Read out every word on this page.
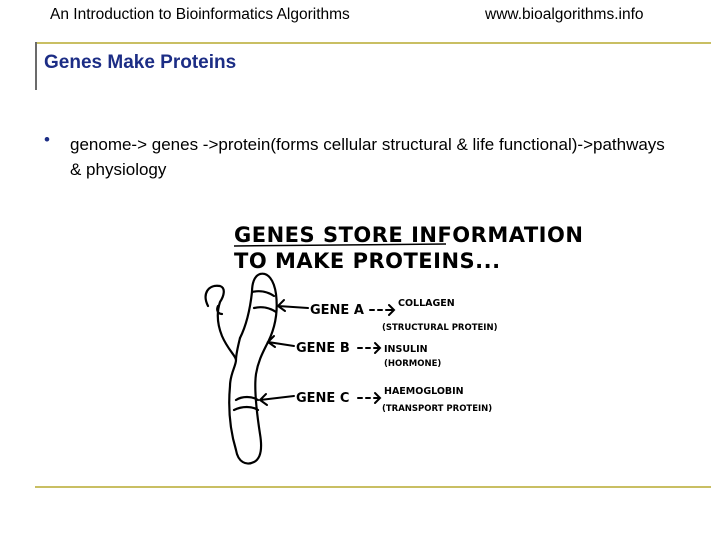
An Introduction to Bioinformatics Algorithms	www.bioalgorithms.info
Genes Make Proteins
• genome-> genes ->protein(forms cellular structural & life functional)->pathways & physiology
GENES STORE INFORMATION
TO MAKE PROTEINS...
GENE A
GENE B
GENE C
COLLAGEN
(STRUCTURAL PROTEIN)
INSULIN
(HORMONE)
HAEMOGLOBIN
(TRANSPORT PROTEIN)
